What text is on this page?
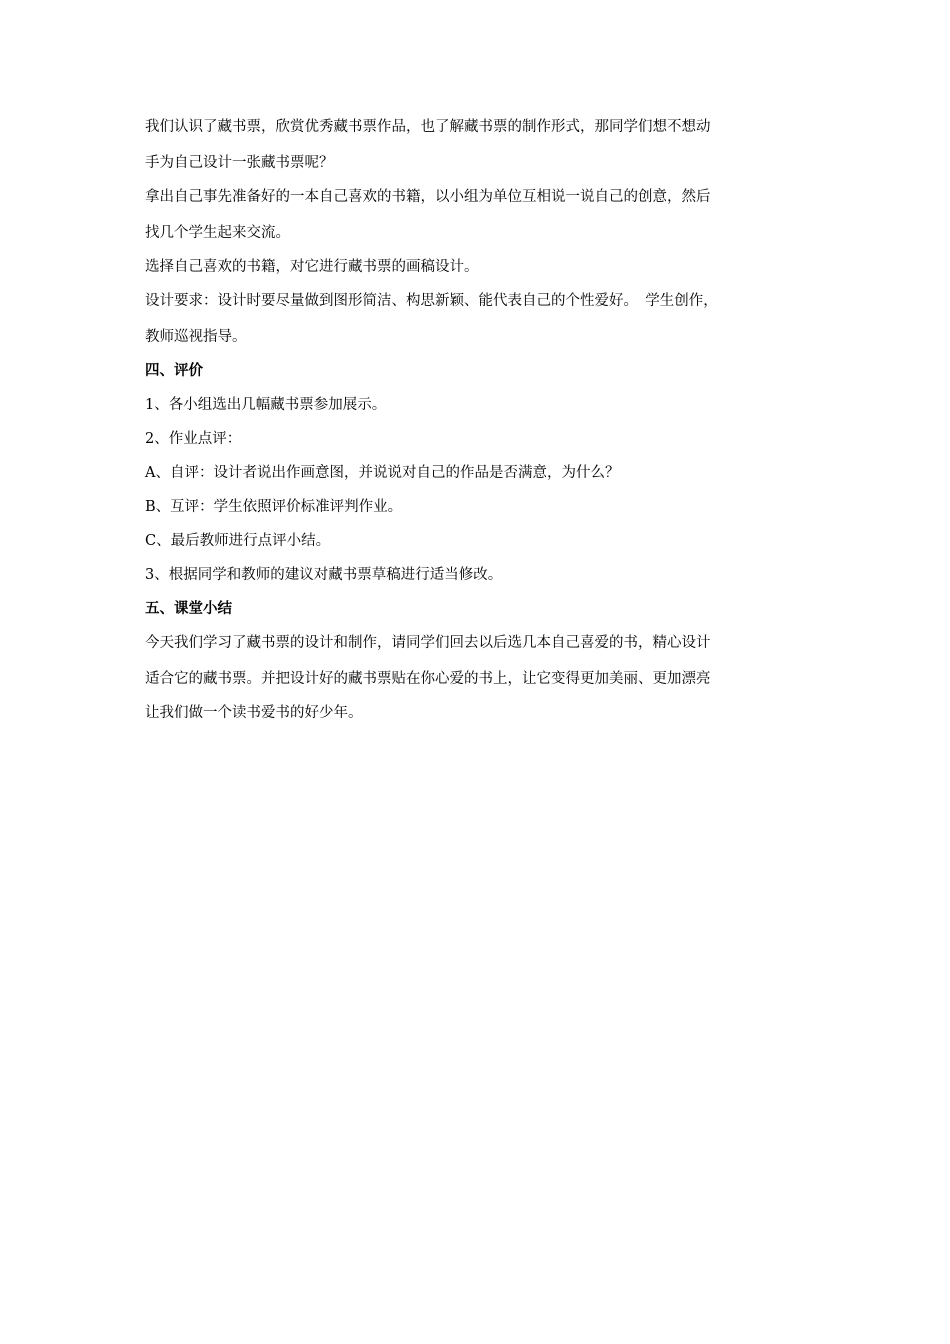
我们认识了藏书票，欣赏优秀藏书票作品，也了解藏书票的制作形式，那同学们想不想动

手为自己设计一张藏书票呢？

拿出自己事先准备好的一本自己喜欢的书籍，以小组为单位互相说一说自己的创意，然后

找几个学生起来交流。

选择自己喜欢的书籍，对它进行藏书票的画稿设计。

设计要求：设计时要尽量做到图形简洁、构思新颖、能代表自己的个性爱好。　学生创作，

教师巡视指导。

四、评价

1、各小组选出几幅藏书票参加展示。

2、作业点评：

A、自评：设计者说出作画意图，并说说对自己的作品是否满意，为什么？

B、互评：学生依照评价标准评判作业。

C、最后教师进行点评小结。

3、根据同学和教师的建议对藏书票草稿进行适当修改。

五、课堂小结

今天我们学习了藏书票的设计和制作，请同学们回去以后选几本自己喜爱的书，精心设计

适合它的藏书票。并把设计好的藏书票贴在你心爱的书上，让它变得更加美丽、更加漂亮

让我们做一个读书爱书的好少年。
